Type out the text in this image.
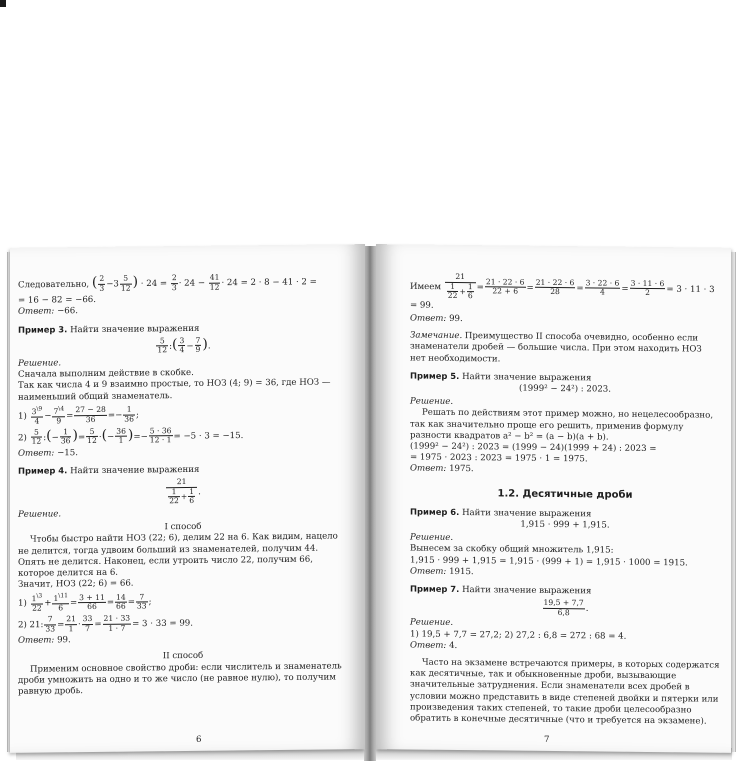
Следовательно, ( $\frac{2}{3} -3 \frac{5}{12}$ ) · $24 = \frac{2}{3} \cdot 24 - \frac{41}{12} \cdot 24 = 2 \cdot 8 - 41 \cdot 2$ =

= 16 − 82 = −66.

Ответ: −66.

Пример 3. Найти значение выражения

$\frac{5}{12}$ :( $\frac{3}{4} - \frac{7}{9}$ ).

Решение.

Сначала выполним действие в скобке.

Так как числа 4 и 9 взаимно простые, то НОЗ (4; 9) = 36, где НОЗ — наименьший общий знаменатель.

$1) \frac{3^{\backslash 9}}{4} - \frac{7^{\backslash 4}}{9} = \frac{27 - 28}{36} =- \frac{1}{36}$ ;

$2) \frac{5}{12}$ :(− $\frac{1}{36}$ )= $\frac{5}{12}$ ·(− $\frac{36}{1}$ )=− $\frac{5 \cdot 36}{12 \cdot 1} = -5 \cdot 3 = -15$.

Ответ: −15.

Пример 4. Найти значение выражения

$\frac{21}{\frac{1}{22} + \frac{1}{6}}$ .

Решение.

I способ

Чтобы быстро найти НОЗ (22; 6), делим 22 на 6. Как видим, нацело не делится, тогда удвоим больший из знаменателей, получим 44. Опять не делится. Наконец, если утроить число 22, получим 66, которое делится на 6.

Значит, НОЗ (22; 6) = 66.

$1) \frac{1^{\backslash 3}}{22} + \frac{1^{\backslash 11}}{6} = \frac{3 + 11}{66} = \frac{14}{66} = \frac{7}{33}$ ;

2) 21: $\frac{7}{33} = \frac{21}{1} \cdot \frac{33}{7} = \frac{21 \cdot 33}{1 \cdot 7} = 3 \cdot 33 = 99$.

Ответ: 99.

II способ

Применим основное свойство дроби: если числитель и знаменатель дроби умножить на одно и то же число (не равное нулю), то получим равную дробь.

6

Имеем $\frac{21}{\frac{1}{22} + \frac{1}{6}} = \frac{21 \cdot 22 \cdot 6}{22 + 6} = \frac{21 \cdot 22 \cdot 6}{28} = \frac{3 \cdot 22 \cdot 6}{4} = \frac{3 \cdot 11 \cdot 6}{2} = 3 \cdot 11 \cdot 3 = 99$.

Ответ: 99.

Замечание. Преимущество II способа очевидно, особенно если знаменатели дробей — большие числа. При этом находить НОЗ нет необходимости.

Пример 5. Найти значение выражения

(1999² − 24²) : 2023.

Решение.

Решать по действиям этот пример можно, но нецелесообразно, так как значительно проще его решить, применив формулу разности квадратов a² − b² = (a − b)(a + b).

(1999² − 24²) : 2023 = (1999 − 24)(1999 + 24) : 2023 =

= 1975 · 2023 : 2023 = 1975 · 1 = 1975.

Ответ: 1975.

1.2. Десятичные дроби

Пример 6. Найти значение выражения

1,915 · 999 + 1,915.

Решение.

Вынесем за скобку общий множитель 1,915:

1,915 · 999 + 1,915 = 1,915 · (999 + 1) = 1,915 · 1000 = 1915.

Ответ: 1915.

Пример 7. Найти значение выражения

$\frac{19,5 + 7,7}{6,8}$ .

Решение.

1) 19,5 + 7,7 = 27,2; 2) 27,2 : 6,8 = 272 : 68 = 4.

Ответ: 4.

Часто на экзамене встречаются примеры, в которых содержатся как десятичные, так и обыкновенные дроби, вызывающие значительные затруднения. Если знаменатели всех дробей в условии можно представить в виде степеней двойки и пятерки или произведения таких степеней, то такие дроби целесообразно обратить в конечные десятичные (что и требуется на экзамене).

7
